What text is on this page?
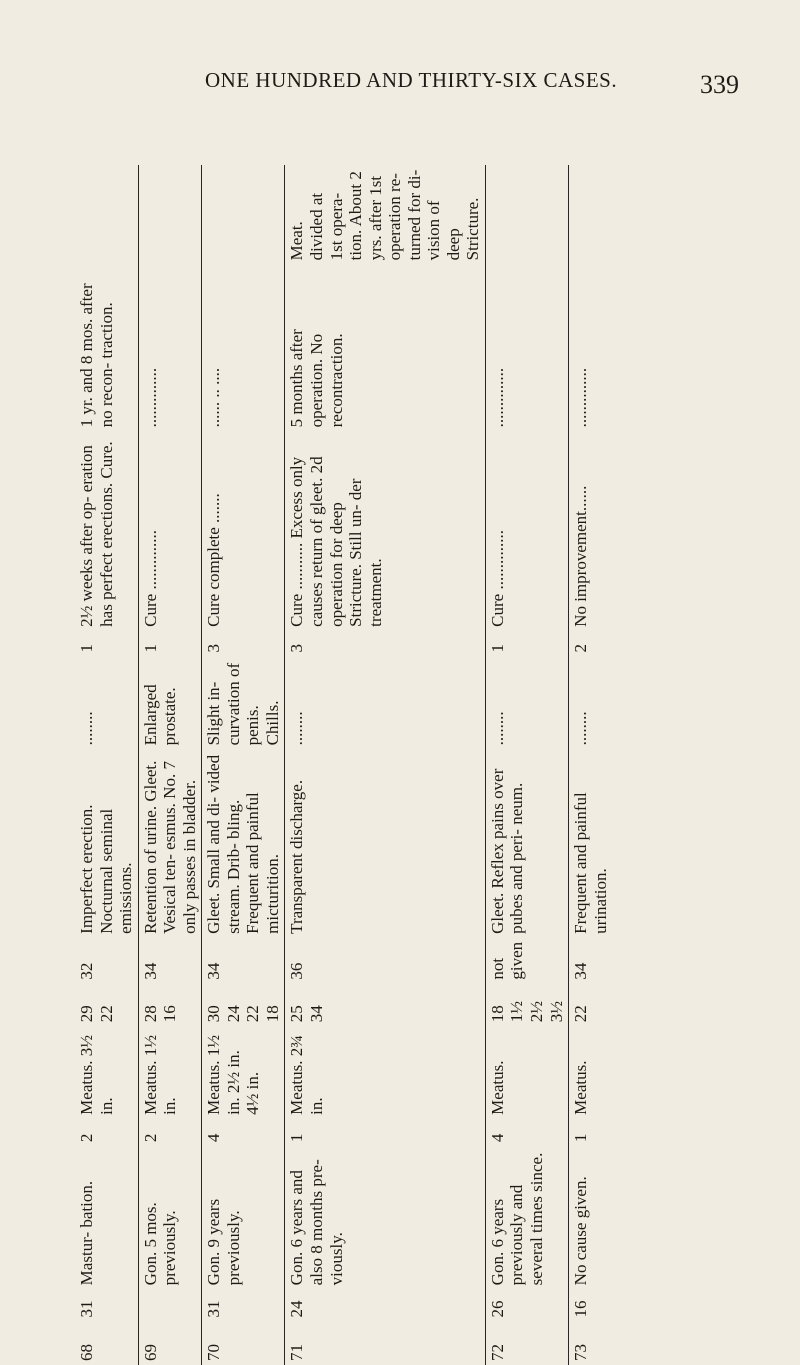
ONE HUNDRED AND THIRTY-SIX CASES.	339
68	31	Mastur- bation.	2	Meatus. 3½ in.	29 22	32	Imperfect erection. Nocturnal seminal emissions.	........	1	2½ weeks after op- eration has perfect erections. Cure.	1 yr. and 8 mos. after no recon- traction.	
69		Gon. 5 mos. previously.	2	Meatus. 1½ in.	28 16	34	Retention of urine. Gleet. Vesical ten- esmus. No. 7 only passes in bladder.	Enlarged prostate.	1	Cure ..............	..............	
70	31	Gon. 9 years previously.	4	Meatus. 1½ in. 2½ in. 4½ in.	30 24 22 18	34	Gleet. Small and di- vided stream. Drib- bling. Frequent and painful micturition.	Slight in- curvation of penis. Chills.	3	Cure complete .......	...... .. ....	
71	24	Gon. 6 years and also 8 months pre- viously.	1	Meatus. 2¾ in.	25 34	36	Transparent discharge.	........	3	Cure ........... Excess only causes return of gleet. 2d operation for deep Stricture. Still un- der treatment.	5 months after operation. No recontraction.	Meat. divided at 1st opera- tion. About 2 yrs. after 1st operation re- turned for di- vision of deep Stricture.
72	26	Gon. 6 years previously and several times since.	4	Meatus.	18 1½ 2½ 3½	not given	Gleet. Reflex pains over pubes and peri- neum.	........	1	Cure ..............	..............	
73	16	No cause given.	1	Meatus.	22	34	Frequent and painful urination.	........	2	No improvement......	..............	
